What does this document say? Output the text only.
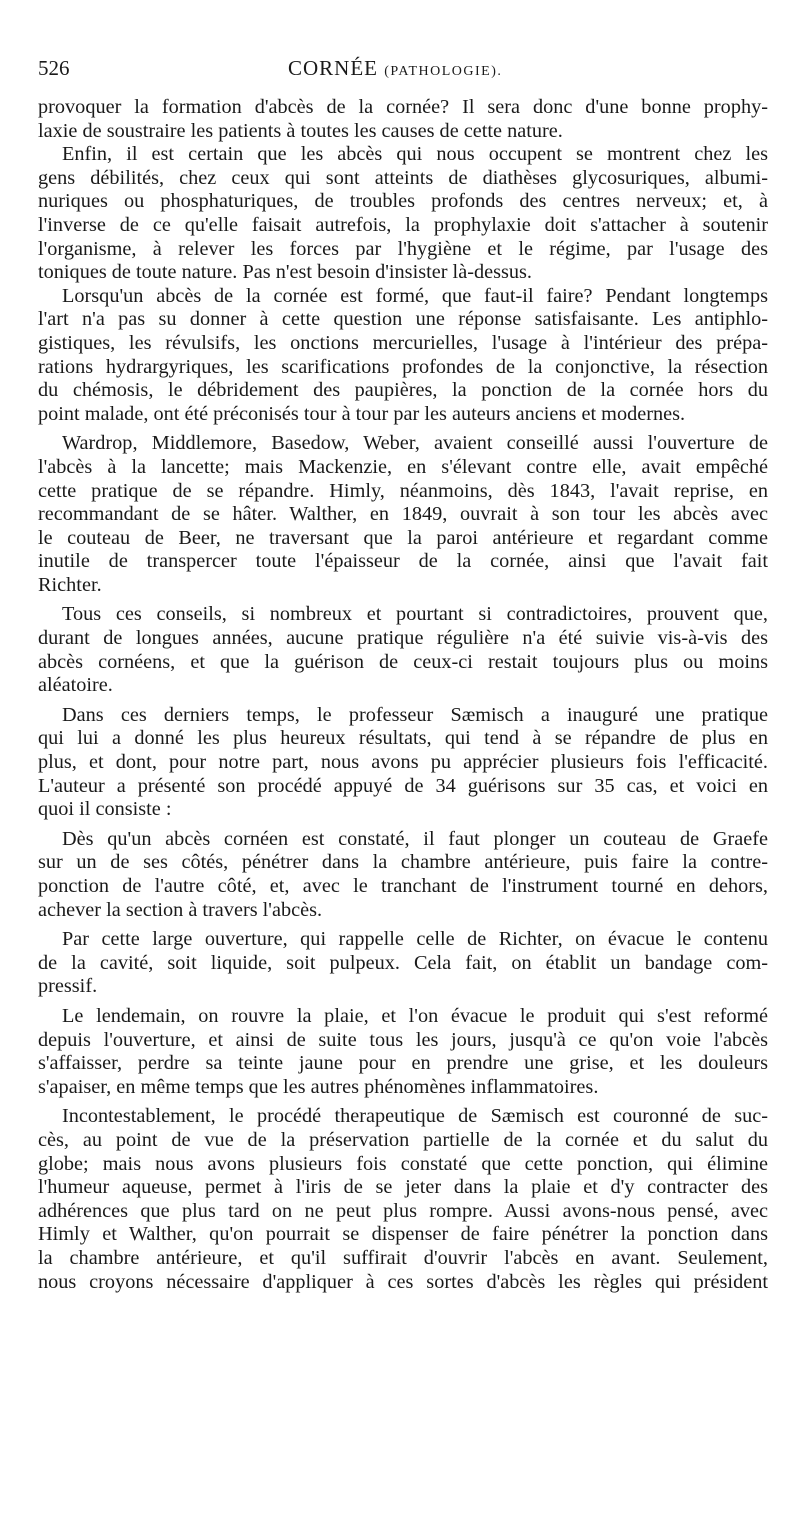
526	CORNÉE (PATHOLOGIE).
provoquer la formation d'abcès de la cornée? Il sera donc d'une bonne prophy-
laxie de soustraire les patients à toutes les causes de cette nature.
Enfin, il est certain que les abcès qui nous occupent se montrent chez les
gens débilités, chez ceux qui sont atteints de diathèses glycosuriques, albumi-
nuriques ou phosphaturiques, de troubles profonds des centres nerveux; et, à
l'inverse de ce qu'elle faisait autrefois, la prophylaxie doit s'attacher à soutenir
l'organisme, à relever les forces par l'hygiène et le régime, par l'usage des
toniques de toute nature. Pas n'est besoin d'insister là-dessus.
Lorsqu'un abcès de la cornée est formé, que faut-il faire? Pendant longtemps
l'art n'a pas su donner à cette question une réponse satisfaisante. Les antiphlo-
gistiques, les révulsifs, les onctions mercurielles, l'usage à l'intérieur des prépa-
rations hydrargyriques, les scarifications profondes de la conjonctive, la résection
du chémosis, le débridement des paupières, la ponction de la cornée hors du
point malade, ont été préconisés tour à tour par les auteurs anciens et modernes.
Wardrop, Middlemore, Basedow, Weber, avaient conseillé aussi l'ouverture de
l'abcès à la lancette; mais Mackenzie, en s'élevant contre elle, avait empêché
cette pratique de se répandre. Himly, néanmoins, dès 1843, l'avait reprise, en
recommandant de se hâter. Walther, en 1849, ouvrait à son tour les abcès avec
le couteau de Beer, ne traversant que la paroi antérieure et regardant comme
inutile de transpercer toute l'épaisseur de la cornée, ainsi que l'avait fait
Richter.
Tous ces conseils, si nombreux et pourtant si contradictoires, prouvent que,
durant de longues années, aucune pratique régulière n'a été suivie vis-à-vis des
abcès cornéens, et que la guérison de ceux-ci restait toujours plus ou moins
aléatoire.
Dans ces derniers temps, le professeur Sæmisch a inauguré une pratique
qui lui a donné les plus heureux résultats, qui tend à se répandre de plus en
plus, et dont, pour notre part, nous avons pu apprécier plusieurs fois l'efficacité.
L'auteur a présenté son procédé appuyé de 34 guérisons sur 35 cas, et voici en
quoi il consiste :
Dès qu'un abcès cornéen est constaté, il faut plonger un couteau de Graefe
sur un de ses côtés, pénétrer dans la chambre antérieure, puis faire la contre-
ponction de l'autre côté, et, avec le tranchant de l'instrument tourné en dehors,
achever la section à travers l'abcès.
Par cette large ouverture, qui rappelle celle de Richter, on évacue le contenu
de la cavité, soit liquide, soit pulpeux. Cela fait, on établit un bandage com-
pressif.
Le lendemain, on rouvre la plaie, et l'on évacue le produit qui s'est reformé
depuis l'ouverture, et ainsi de suite tous les jours, jusqu'à ce qu'on voie l'abcès
s'affaisser, perdre sa teinte jaune pour en prendre une grise, et les douleurs
s'apaiser, en même temps que les autres phénomènes inflammatoires.
Incontestablement, le procédé therapeutique de Sæmisch est couronné de suc-
cès, au point de vue de la préservation partielle de la cornée et du salut du
globe; mais nous avons plusieurs fois constaté que cette ponction, qui élimine
l'humeur aqueuse, permet à l'iris de se jeter dans la plaie et d'y contracter des
adhérences que plus tard on ne peut plus rompre. Aussi avons-nous pensé, avec
Himly et Walther, qu'on pourrait se dispenser de faire pénétrer la ponction dans
la chambre antérieure, et qu'il suffirait d'ouvrir l'abcès en avant. Seulement,
nous croyons nécessaire d'appliquer à ces sortes d'abcès les règles qui président
